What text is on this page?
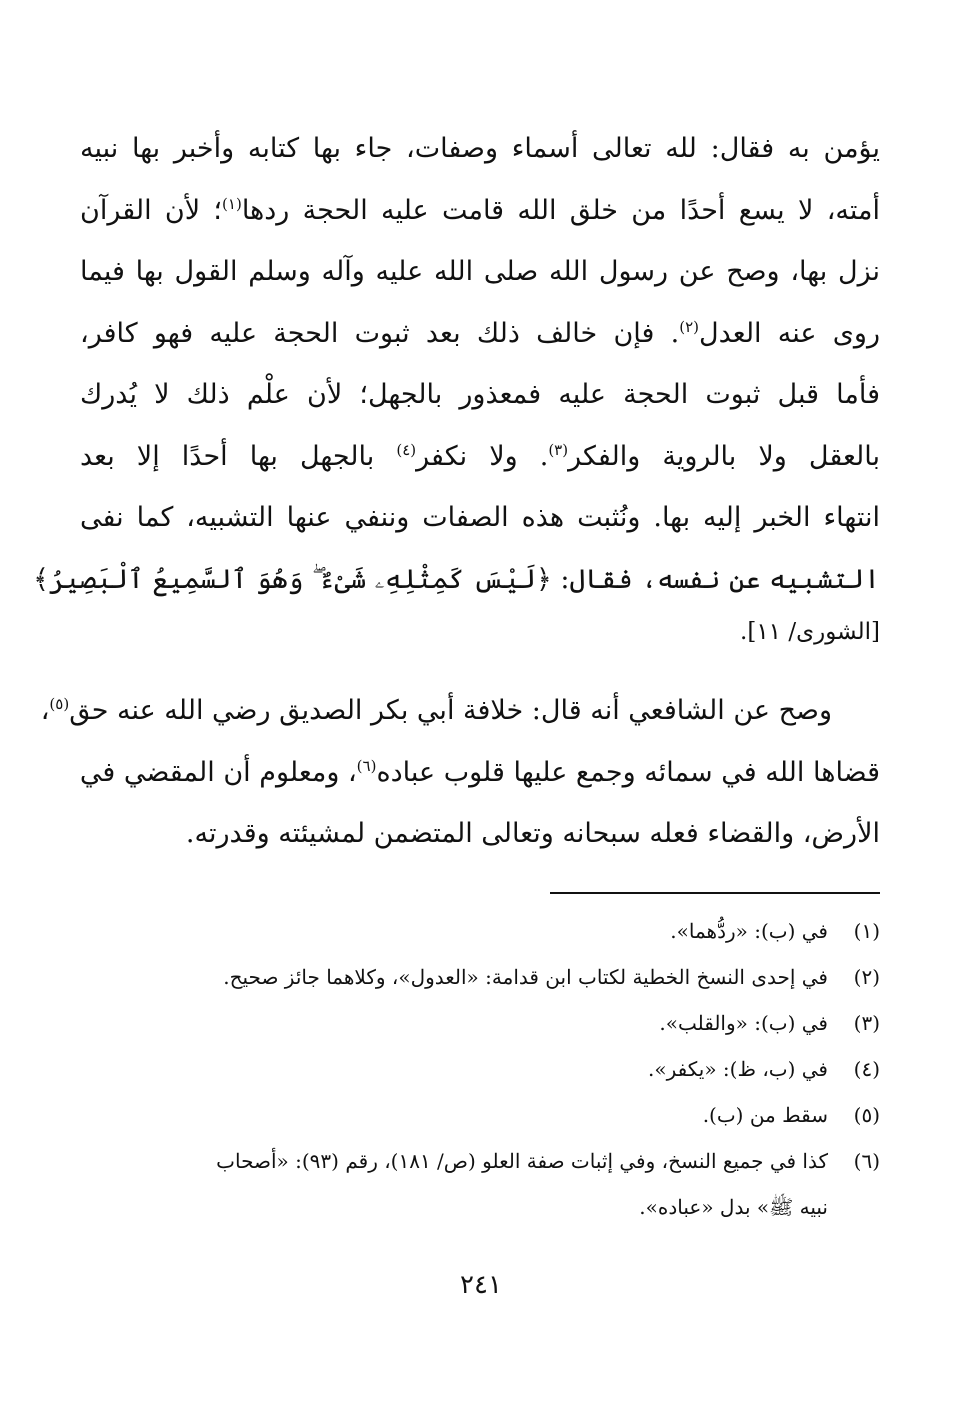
يؤمن به فقال: لله تعالى أسماء وصفات، جاء بها كتابه وأخبر بها نبيه
أمته، لا يسع أحدًا من خلق الله قامت عليه الحجة ردها$^{(١)}$؛ لأن القرآن
نزل بها، وصح عن رسول الله صلى الله عليه وآله وسلم القول بها فيما
روى عنه العدل$^{(٢)}$. فإن خالف ذلك بعد ثبوت الحجة عليه فهو كافر،
فأما قبل ثبوت الحجة عليه فمعذور بالجهل؛ لأن علْم ذلك لا يُدرك
بالعقل ولا بالروية والفكر$^{(٣)}$. ولا نكفر$^{(٤)}$ بالجهل بها أحدًا إلا بعد
انتهاء الخبر إليه بها. ونُثبت هذه الصفات وننفي عنها التشبيه، كما نفى
التشبيه عن نفسه، فقال: ﴿لَيْسَ كَمِثْلِهِۦ شَىْءٌ ۖ وَهُوَ ٱلسَّمِيعُ ٱلْبَصِيرُ﴾
[الشورى/ ١١].
وصح عن الشافعي أنه قال: خلافة أبي بكر الصديق رضي الله عنه حق$^{(٥)}$،
قضاها الله في سمائه وجمع عليها قلوب عباده$^{(٦)}$، ومعلوم أن المقضي في
الأرض، والقضاء فعله سبحانه وتعالى المتضمن لمشيئته وقدرته.
(١)
في (ب): «ردُّهما».
(٢)
في إحدى النسخ الخطية لكتاب ابن قدامة: «العدول»، وكلاهما جائز صحيح.
(٣)
في (ب): «والقلب».
(٤)
في (ب، ظ): «يكفر».
(٥)
سقط من (ب).
(٦)
كذا في جميع النسخ، وفي إثبات صفة العلو (ص/ ١٨١)، رقم (٩٣): «أصحاب
نبيه ﷺ» بدل «عباده».
٢٤١
